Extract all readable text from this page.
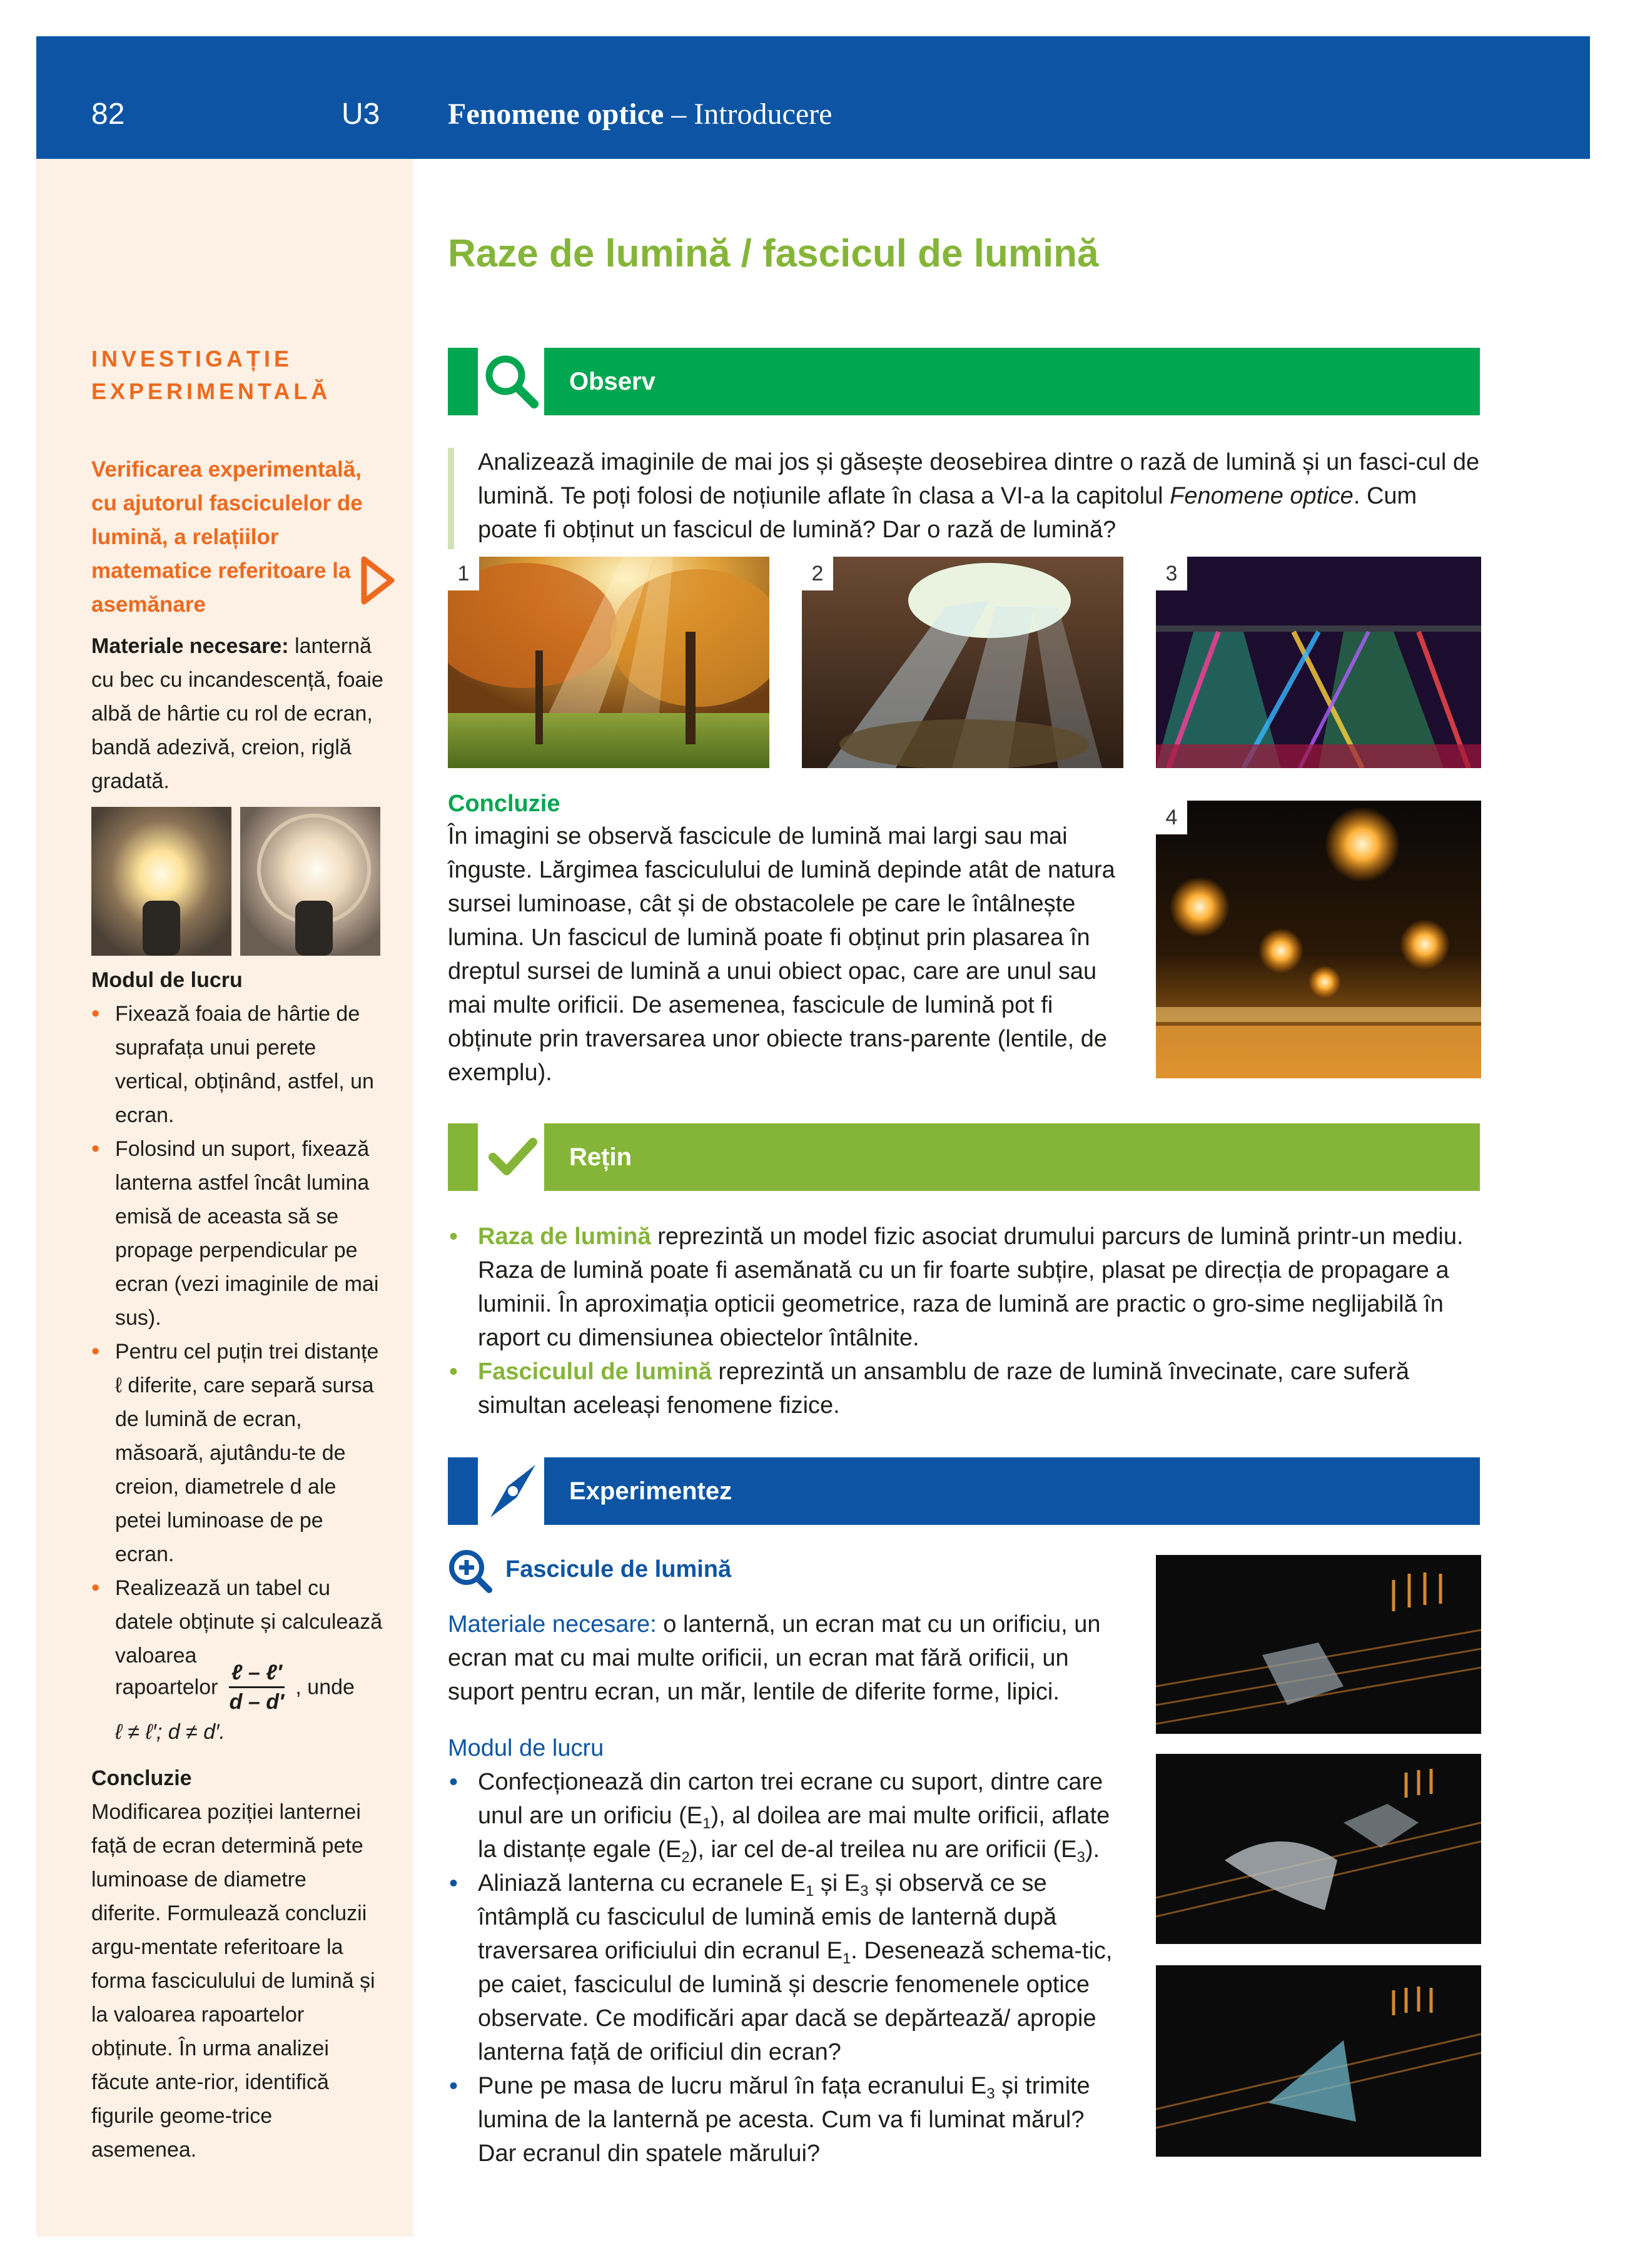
82	U3 Fenomene optice – Introducere
INVESTIGAȚIE EXPERIMENTALĂ
Verificarea experimentală, cu ajutorul fasciculelor de lumină, a relațiilor matematice referitoare la asemănare
Materiale necesare: lanternă cu bec cu incandescență, foaie albă de hârtie cu rol de ecran, bandă adezivă, creion, riglă gradată.
Modul de lucru
• Fixează foaia de hârtie de suprafața unui perete vertical, obținând, astfel, un ecran.
• Folosind un suport, fixează lanterna astfel încât lumina emisă de aceasta să se propage perpendicular pe ecran (vezi imaginile de mai sus).
• Pentru cel puțin trei distanțe ℓ diferite, care separă sursa de lumină de ecran, măsoară, ajutându-te de creion, diametrele d ale petei luminoase de pe ecran.
• Realizează un tabel cu datele obținute și calculează valoarea
rapoartelor
ℓ – ℓ′
d – d′
, unde
ℓ ≠ ℓ′; d ≠ d′.
Concluzie
Modificarea poziției lanternei față de ecran determină pete luminoase de diametre diferite. Formulează concluzii argu-mentate referitoare la forma fasciculului de lumină și la valoarea rapoartelor obținute. În urma analizei făcute ante-rior, identifică figurile geome-trice asemenea.
Raze de lumină / fascicul de lumină
Observ
Analizează imaginile de mai jos și găsește deosebirea dintre o rază de lumină și un fasci-cul de lumină. Te poți folosi de noțiunile aflate în clasa a VI-a la capitolul Fenomene optice. Cum poate fi obținut un fascicul de lumină? Dar o rază de lumină?
1	2	3
4
Concluzie
În imagini se observă fascicule de lumină mai largi sau mai înguste. Lărgimea fasciculului de lumină depinde atât de natura sursei luminoase, cât și de obstacolele pe care le întâlnește lumina. Un fascicul de lumină poate fi obținut prin plasarea în dreptul sursei de lumină a unui obiect opac, care are unul sau mai multe orificii. De asemenea, fascicule de lumină pot fi obținute prin traversarea unor obiecte trans-parente (lentile, de exemplu).
Rețin
• Raza de lumină reprezintă un model fizic asociat drumului parcurs de lumină printr-un mediu. Raza de lumină poate fi asemănată cu un fir foarte subțire, plasat pe direcția de propagare a luminii. În aproximația opticii geometrice, raza de lumină are practic o gro-sime neglijabilă în raport cu dimensiunea obiectelor întâlnite.
• Fasciculul de lumină reprezintă un ansamblu de raze de lumină învecinate, care suferă simultan aceleași fenomene fizice.
Experimentez
Fascicule de lumină
Materiale necesare: o lanternă, un ecran mat cu un orificiu, un ecran mat cu mai multe orificii, un ecran mat fără orificii, un suport pentru ecran, un măr, lentile de diferite forme, lipici.
Modul de lucru
• Confecționează din carton trei ecrane cu suport, dintre care unul are un orificiu $(E_1)$, al doilea are mai multe orificii, aflate la distanțe egale $(E_2)$, iar cel de-al treilea nu are orificii $(E_3)$.
• Aliniază lanterna cu ecranele $E_1$ și $E_3$ și observă ce se întâmplă cu fasciculul de lumină emis de lanternă după traversarea orificiului din ecranul $E_1$. Desenează schema-tic, pe caiet, fasciculul de lumină și descrie fenomenele optice observate. Ce modificări apar dacă se depărtează/ apropie lanterna față de orificiul din ecran?
• Pune pe masa de lucru mărul în fața ecranului $E_3$ și trimite lumina de la lanternă pe acesta. Cum va fi luminat mărul? Dar ecranul din spatele mărului?
